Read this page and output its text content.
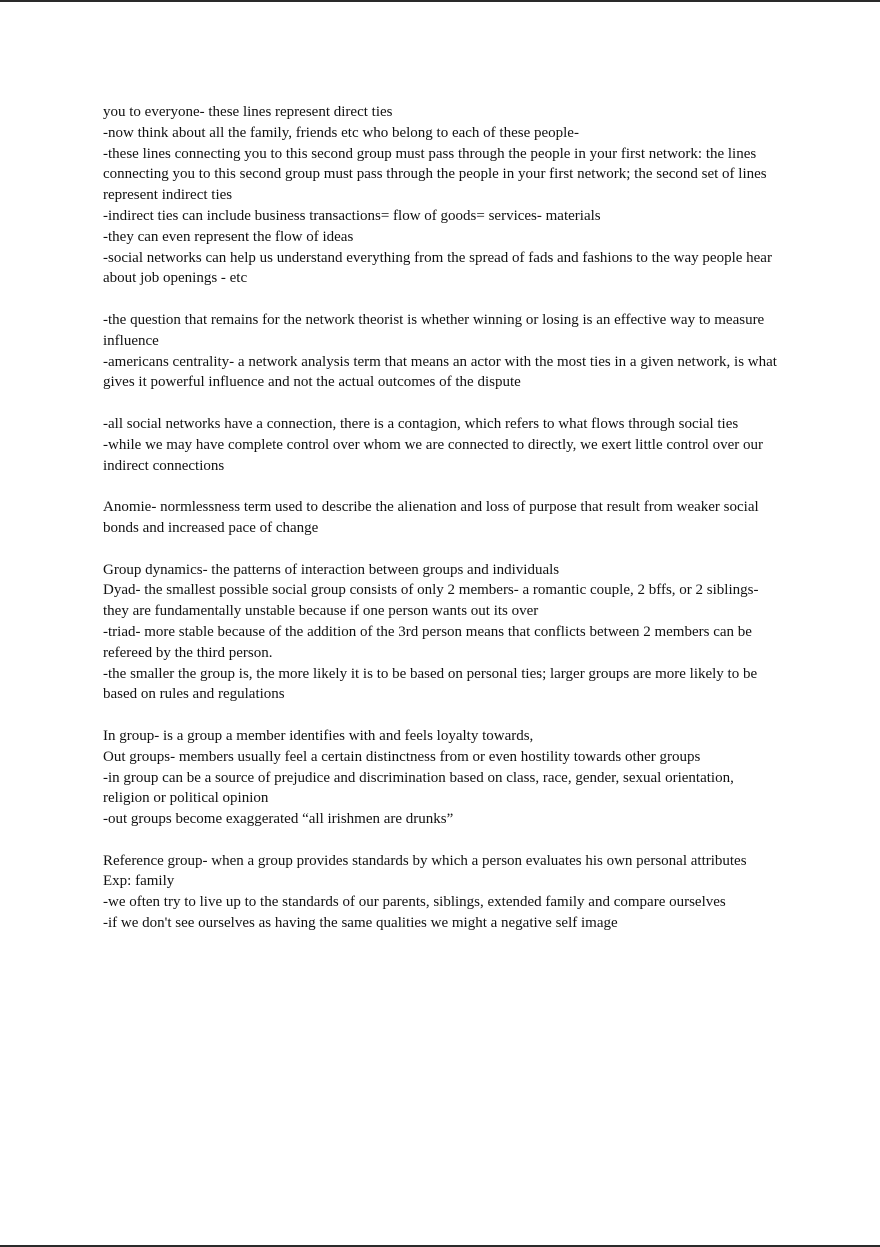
you to everyone- these lines represent direct ties
-now think about all the family, friends etc who belong to each of these people-
-these lines connecting you to this second group must pass through the people in your first network: the lines connecting you to this second group must pass through the people in your first network; the second set of lines represent indirect ties
-indirect ties can include business transactions= flow of goods= services- materials
-they can even represent the flow of ideas
-social networks can help us understand everything from the spread of fads and fashions to the way people hear about job openings - etc
-the question that remains for the network theorist is whether winning or losing is an effective way to measure influence
-americans centrality- a network analysis term that means an actor with the most ties in a given network, is what gives it powerful influence and not the actual outcomes of the dispute
-all social networks have a connection, there is a contagion, which refers to what flows through social ties
-while we may have complete control over whom we are connected to directly, we exert little control over our indirect connections
Anomie- normlessness term used to describe the alienation and loss of purpose that result from weaker social bonds and increased pace of change
Group dynamics- the patterns of interaction between groups and individuals
Dyad- the smallest possible social group consists of only 2 members- a romantic couple, 2 bffs, or 2 siblings- they are fundamentally unstable because if one person wants out its over
-triad- more stable because of the addition of the 3rd person means that conflicts between 2 members can be refereed by the third person.
-the smaller the group is, the more likely it is to be based on personal ties; larger groups are more likely to be based on rules and regulations
In group- is a group a member identifies with and feels loyalty towards,
Out groups- members usually feel a certain distinctness from or even hostility towards other groups
-in group can be a source of prejudice and discrimination based on class, race, gender, sexual orientation, religion or political opinion
-out groups become exaggerated “all irishmen are drunks”
Reference group- when a group provides standards by which a person evaluates his own personal attributes
Exp: family
-we often try to live up to the standards of our parents, siblings, extended family and compare ourselves
-if we don't see ourselves as having the same qualities we might a negative self image
